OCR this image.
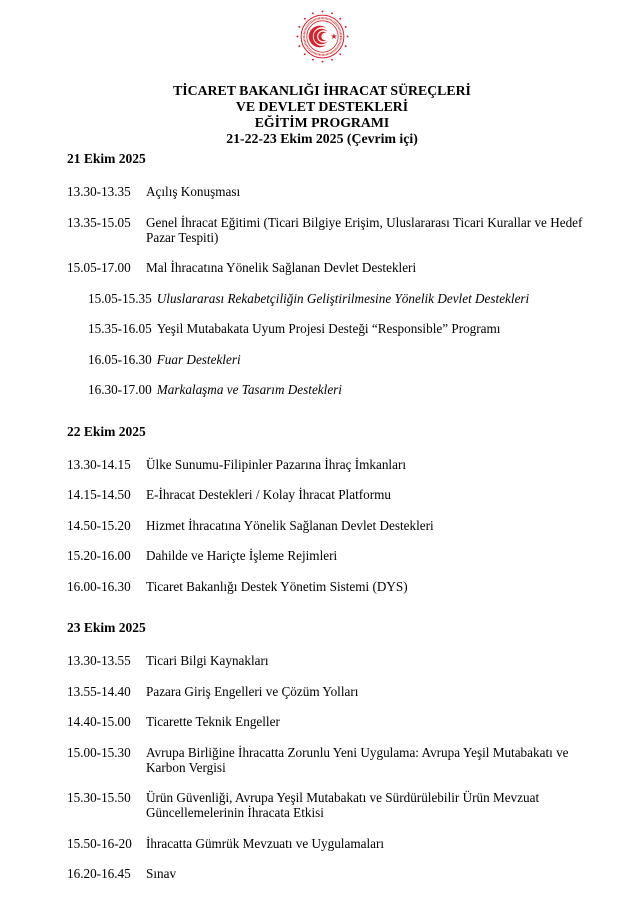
TİCARET BAKANLIĞI İHRACAT SÜREÇLERİ
VE DEVLET DESTEKLERİ
EĞİTİM PROGRAMI
21-22-23 Ekim 2025 (Çevrim içi)
21 Ekim 2025
13.30-13.35	Açılış Konuşması
13.35-15.05	Genel İhracat Eğitimi (Ticari Bilgiye Erişim, Uluslararası Ticari Kurallar ve Hedef Pazar Tespiti)
15.05-17.00	Mal İhracatına Yönelik Sağlanan Devlet Destekleri
15.05-15.35 Uluslararası Rekabetçiliğin Geliştirilmesine Yönelik Devlet Destekleri
15.35-16.05 Yeşil Mutabakata Uyum Projesi Desteği “Responsible” Programı
16.05-16.30 Fuar Destekleri
16.30-17.00 Markalaşma ve Tasarım Destekleri
22 Ekim 2025
13.30-14.15	Ülke Sunumu-Filipinler Pazarına İhraç İmkanları
14.15-14.50	E-İhracat Destekleri / Kolay İhracat Platformu
14.50-15.20	Hizmet İhracatına Yönelik Sağlanan Devlet Destekleri
15.20-16.00	Dahilde ve Hariçte İşleme Rejimleri
16.00-16.30	Ticaret Bakanlığı Destek Yönetim Sistemi (DYS)
23 Ekim 2025
13.30-13.55	Ticari Bilgi Kaynakları
13.55-14.40	Pazara Giriş Engelleri ve Çözüm Yolları
14.40-15.00	Ticarette Teknik Engeller
15.00-15.30	Avrupa Birliğine İhracatta Zorunlu Yeni Uygulama: Avrupa Yeşil Mutabakatı ve Karbon Vergisi
15.30-15.50	Ürün Güvenliği, Avrupa Yeşil Mutabakatı ve Sürdürülebilir Ürün Mevzuat Güncellemelerinin İhracata Etkisi
15.50-16-20	İhracatta Gümrük Mevzuatı ve Uygulamaları
16.20-16.45	Sınav
